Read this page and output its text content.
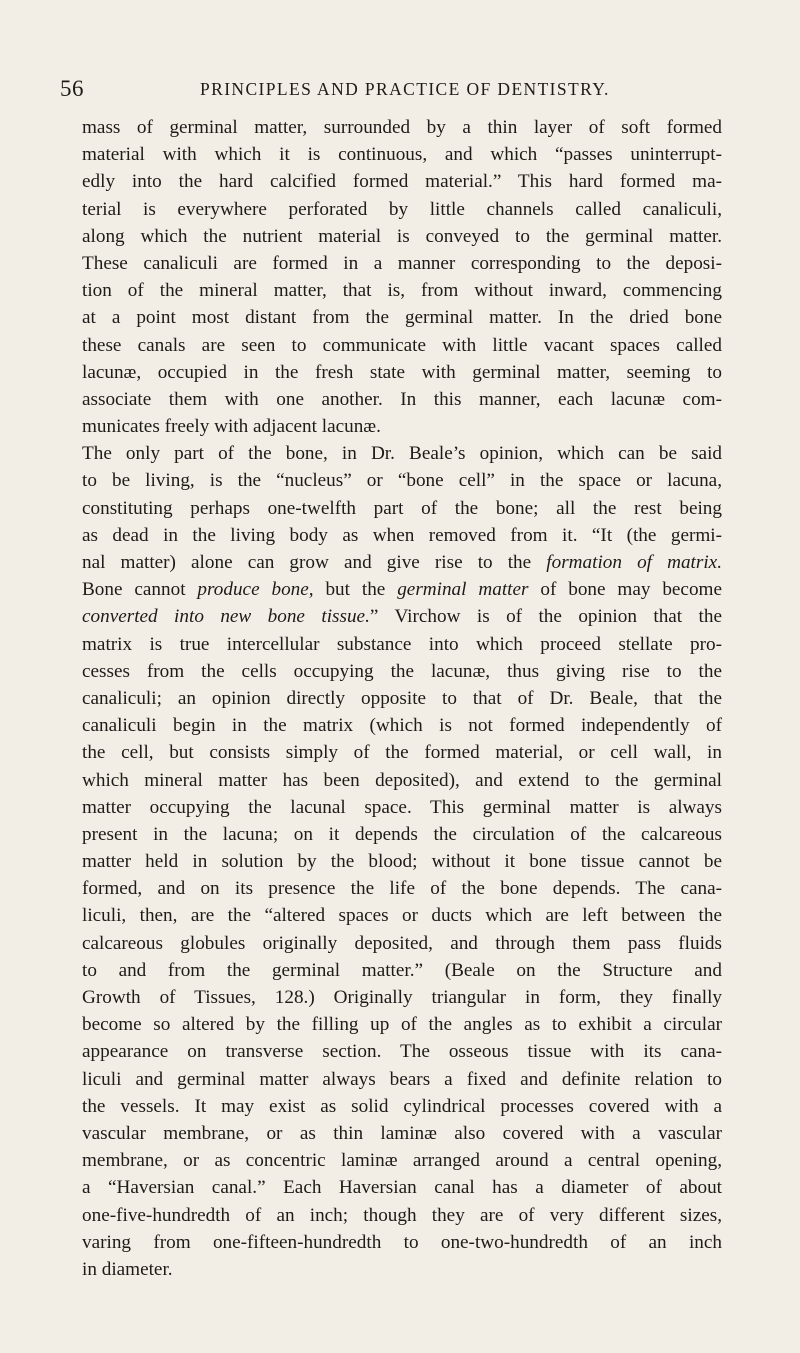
56	PRINCIPLES AND PRACTICE OF DENTISTRY.
mass of germinal matter, surrounded by a thin layer of soft formed
material with which it is continuous, and which “passes uninterrupt-
edly into the hard calcified formed material.” This hard formed ma-
terial is everywhere perforated by little channels called canaliculi,
along which the nutrient material is conveyed to the germinal matter.
These canaliculi are formed in a manner corresponding to the deposi-
tion of the mineral matter, that is, from without inward, commencing
at a point most distant from the germinal matter. In the dried bone
these canals are seen to communicate with little vacant spaces called
lacunæ, occupied in the fresh state with germinal matter, seeming to
associate them with one another. In this manner, each lacunæ com-
municates freely with adjacent lacunæ.
The only part of the bone, in Dr. Beale’s opinion, which can be said
to be living, is the “nucleus” or “bone cell” in the space or lacuna,
constituting perhaps one-twelfth part of the bone; all the rest being
as dead in the living body as when removed from it. “It (the germi-
nal matter) alone can grow and give rise to the formation of matrix.
Bone cannot produce bone, but the germinal matter of bone may become
converted into new bone tissue.” Virchow is of the opinion that the
matrix is true intercellular substance into which proceed stellate pro-
cesses from the cells occupying the lacunæ, thus giving rise to the
canaliculi; an opinion directly opposite to that of Dr. Beale, that the
canaliculi begin in the matrix (which is not formed independently of
the cell, but consists simply of the formed material, or cell wall, in
which mineral matter has been deposited), and extend to the germinal
matter occupying the lacunal space. This germinal matter is always
present in the lacuna; on it depends the circulation of the calcareous
matter held in solution by the blood; without it bone tissue cannot be
formed, and on its presence the life of the bone depends. The cana-
liculi, then, are the “altered spaces or ducts which are left between the
calcareous globules originally deposited, and through them pass fluids
to and from the germinal matter.” (Beale on the Structure and
Growth of Tissues, 128.) Originally triangular in form, they finally
become so altered by the filling up of the angles as to exhibit a circular
appearance on transverse section. The osseous tissue with its cana-
liculi and germinal matter always bears a fixed and definite relation to
the vessels. It may exist as solid cylindrical processes covered with a
vascular membrane, or as thin laminæ also covered with a vascular
membrane, or as concentric laminæ arranged around a central opening,
a “Haversian canal.” Each Haversian canal has a diameter of about
one-five-hundredth of an inch; though they are of very different sizes,
varing from one-fifteen-hundredth to one-two-hundredth of an inch
in diameter.
